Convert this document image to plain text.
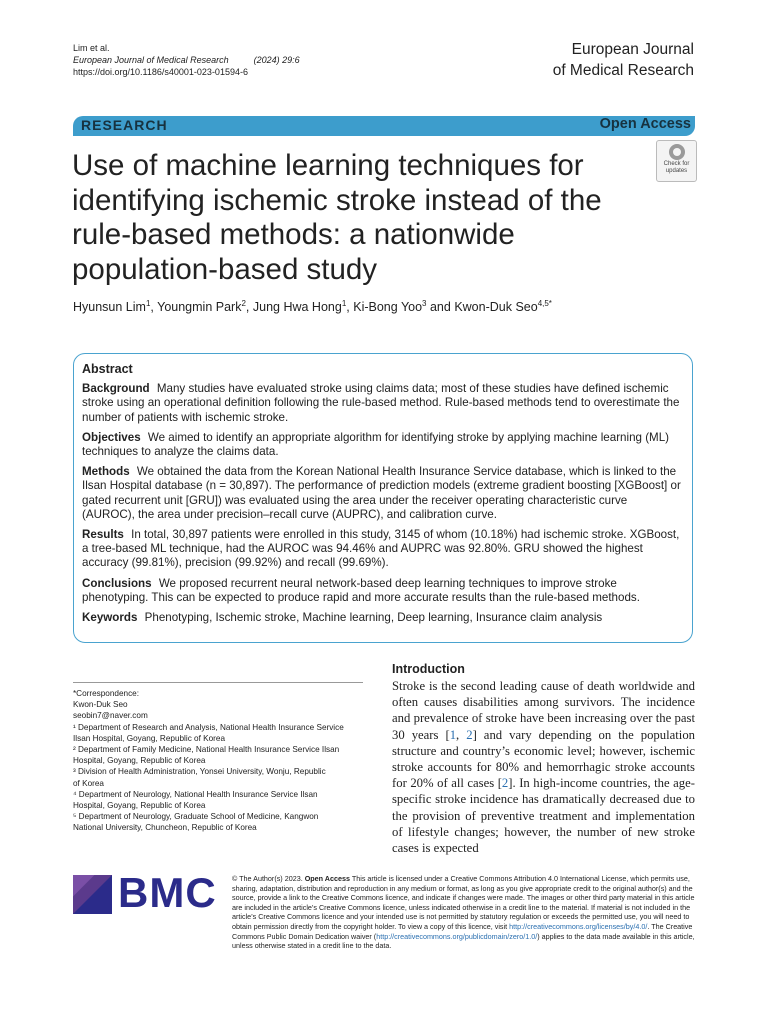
Lim et al.
European Journal of Medical Research	(2024) 29:6
https://doi.org/10.1186/s40001-023-01594-6
European Journal
of Medical Research
RESEARCH	Open Access
Check for
updates
Use of machine learning techniques for identifying ischemic stroke instead of the rule-based methods: a nationwide population-based study
Hyunsun Lim$^1$, Youngmin Park$^2$, Jung Hwa Hong$^1$, Ki-Bong Yoo$^3$ and Kwon-Duk Seo$^{4,5*}$
Abstract

Background Many studies have evaluated stroke using claims data; most of these studies have defined ischemic stroke using an operational definition following the rule-based method. Rule-based methods tend to overestimate the number of patients with ischemic stroke.

Objectives We aimed to identify an appropriate algorithm for identifying stroke by applying machine learning (ML) techniques to analyze the claims data.

Methods We obtained the data from the Korean National Health Insurance Service database, which is linked to the Ilsan Hospital database (n = 30,897). The performance of prediction models (extreme gradient boosting [XGBoost] or gated recurrent unit [GRU]) was evaluated using the area under the receiver operating characteristic curve (AUROC), the area under precision–recall curve (AUPRC), and calibration curve.

Results In total, 30,897 patients were enrolled in this study, 3145 of whom (10.18%) had ischemic stroke. XGBoost, a tree-based ML technique, had the AUROC was 94.46% and AUPRC was 92.80%. GRU showed the highest accuracy (99.81%), precision (99.92%) and recall (99.69%).

Conclusions We proposed recurrent neural network-based deep learning techniques to improve stroke phenotyping. This can be expected to produce rapid and more accurate results than the rule-based methods.

Keywords Phenotyping, Ischemic stroke, Machine learning, Deep learning, Insurance claim analysis

*Correspondence:
Kwon-Duk Seo
seobin7@naver.com
¹ Department of Research and Analysis, National Health Insurance Service
Ilsan Hospital, Goyang, Republic of Korea
² Department of Family Medicine, National Health Insurance Service Ilsan
Hospital, Goyang, Republic of Korea
³ Division of Health Administration, Yonsei University, Wonju, Republic
of Korea
⁴ Department of Neurology, National Health Insurance Service Ilsan
Hospital, Goyang, Republic of Korea
⁵ Department of Neurology, Graduate School of Medicine, Kangwon
National University, Chuncheon, Republic of Korea
Introduction
Stroke is the second leading cause of death worldwide and often causes disabilities among survivors. The incidence and prevalence of stroke have been increasing over the past 30 years [1, 2] and vary depending on the population structure and country’s economic level; however, ischemic stroke accounts for 80% and hemorrhagic stroke accounts for 20% of all cases [2]. In high-income countries, the age-specific stroke incidence has dramatically decreased due to the provision of preventive treatment and implementation of lifestyle changes; however, the number of new stroke cases is expected
BMC © The Author(s) 2023. Open Access This article is licensed under a Creative Commons Attribution 4.0 International License, which permits use, sharing, adaptation, distribution and reproduction in any medium or format, as long as you give appropriate credit to the original author(s) and the source, provide a link to the Creative Commons licence, and indicate if changes were made. The images or other third party material in this article are included in the article’s Creative Commons licence, unless indicated otherwise in a credit line to the material. If material is not included in the article’s Creative Commons licence and your intended use is not permitted by statutory regulation or exceeds the permitted use, you will need to obtain permission directly from the copyright holder. To view a copy of this licence, visit http://creativecommons.org/licenses/by/4.0/. The Creative Commons Public Domain Dedication waiver (http://creativecommons.org/publicdomain/zero/1.0/) applies to the data made available in this article, unless otherwise stated in a credit line to the data.
